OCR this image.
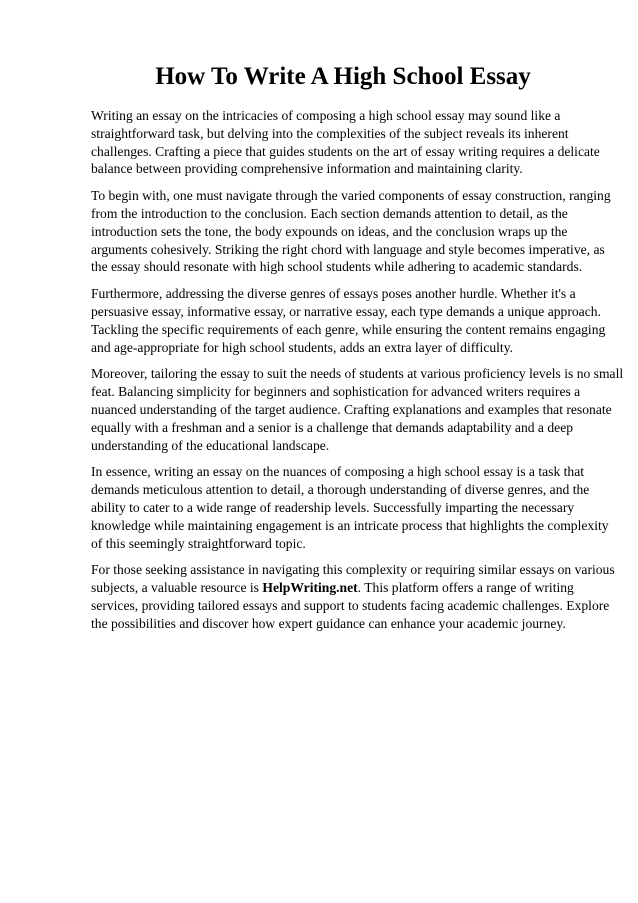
How To Write A High School Essay

Writing an essay on the intricacies of composing a high school essay may sound like a
straightforward task, but delving into the complexities of the subject reveals its inherent
challenges. Crafting a piece that guides students on the art of essay writing requires a delicate
balance between providing comprehensive information and maintaining clarity.

To begin with, one must navigate through the varied components of essay construction, ranging
from the introduction to the conclusion. Each section demands attention to detail, as the
introduction sets the tone, the body expounds on ideas, and the conclusion wraps up the
arguments cohesively. Striking the right chord with language and style becomes imperative, as
the essay should resonate with high school students while adhering to academic standards.

Furthermore, addressing the diverse genres of essays poses another hurdle. Whether it's a
persuasive essay, informative essay, or narrative essay, each type demands a unique approach.
Tackling the specific requirements of each genre, while ensuring the content remains engaging
and age-appropriate for high school students, adds an extra layer of difficulty.

Moreover, tailoring the essay to suit the needs of students at various proficiency levels is no small
feat. Balancing simplicity for beginners and sophistication for advanced writers requires a
nuanced understanding of the target audience. Crafting explanations and examples that resonate
equally with a freshman and a senior is a challenge that demands adaptability and a deep
understanding of the educational landscape.

In essence, writing an essay on the nuances of composing a high school essay is a task that
demands meticulous attention to detail, a thorough understanding of diverse genres, and the
ability to cater to a wide range of readership levels. Successfully imparting the necessary
knowledge while maintaining engagement is an intricate process that highlights the complexity
of this seemingly straightforward topic.

For those seeking assistance in navigating this complexity or requiring similar essays on various
subjects, a valuable resource is HelpWriting.net. This platform offers a range of writing
services, providing tailored essays and support to students facing academic challenges. Explore
the possibilities and discover how expert guidance can enhance your academic journey.
